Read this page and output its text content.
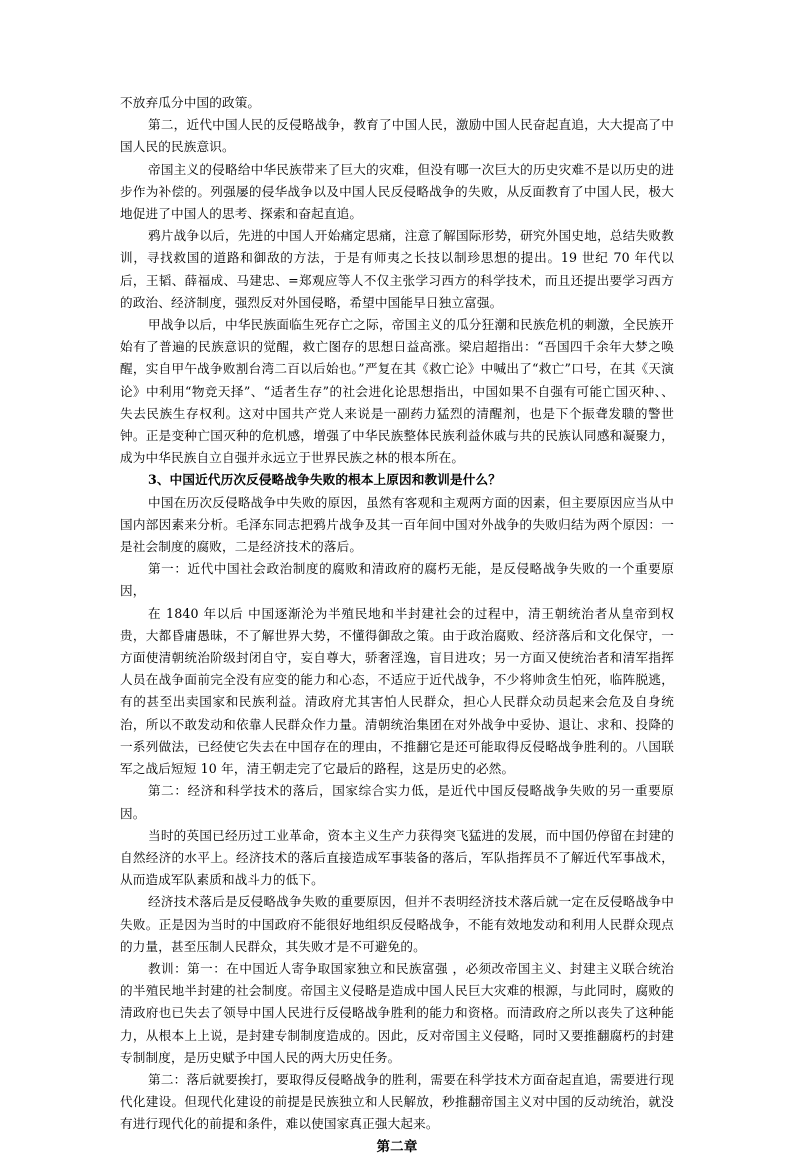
不放弃瓜分中国的政策。

第二，近代中国人民的反侵略战争，教育了中国人民，激励中国人民奋起直追，大大提高了中国人民的民族意识。

帝国主义的侵略给中华民族带来了巨大的灾难，但没有哪一次巨大的历史灾难不是以历史的进步作为补偿的。列强屡的侵华战争以及中国人民反侵略战争的失败，从反面教育了中国人民，极大地促进了中国人的思考、探索和奋起直追。

鸦片战争以后，先进的中国人开始痛定思痛，注意了解国际形势，研究外国史地，总结失败教训，寻找救国的道路和御敌的方法，于是有师夷之长技以制珍思想的提出。19 世纪 70 年代以后，王韬、薛福成、马建忠、=郑观应等人不仅主张学习西方的科学技术，而且还提出要学习西方的政治、经济制度，强烈反对外国侵略，希望中国能早日独立富强。

甲战争以后，中华民族面临生死存亡之际，帝国主义的瓜分狂潮和民族危机的刺激，全民族开始有了普遍的民族意识的觉醒，救亡图存的思想日益高涨。梁启超指出：“吾国四千余年大梦之唤醒，实自甲午战争败割台湾二百以后始也。”严复在其《救亡论》中喊出了“救亡”口号，在其《天演论》中利用“物竞天择”、“适者生存”的社会进化论思想指出，中国如果不自强有可能亡国灭种、、失去民族生存权利。这对中国共产党人来说是一副药力猛烈的清醒剂，也是下个振聋发聩的警世钟。正是变种亡国灭种的危机感，增强了中华民族整体民族利益休戚与共的民族认同感和凝聚力，成为中华民族自立自强并永远立于世界民族之林的根本所在。

3、中国近代历次反侵略战争失败的根本上原因和教训是什么？

中国在历次反侵略战争中失败的原因，虽然有客观和主观两方面的因素，但主要原因应当从中国内部因素来分析。毛泽东同志把鸦片战争及其一百年间中国对外战争的失败归结为两个原因：一是社会制度的腐败，二是经济技术的落后。

第一：近代中国社会政治制度的腐败和清政府的腐朽无能，是反侵略战争失败的一个重要原因，

在 1840 年以后 中国逐渐沦为半殖民地和半封建社会的过程中，清王朝统治者从皇帝到权贵，大都昏庸愚昧，不了解世界大势，不懂得御敌之策。由于政治腐败、经济落后和文化保守，一方面使清朝统治阶级封闭自守，妄自尊大，骄奢淫逸，盲目进攻；另一方面又使统治者和清军指挥人员在战争面前完全没有应变的能力和心态，不适应于近代战争，不少将帅贪生怕死，临阵脱逃，有的甚至出卖国家和民族利益。清政府尤其害怕人民群众，担心人民群众动员起来会危及自身统治，所以不敢发动和依靠人民群众作力量。清朝统治集团在对外战争中妥协、退让、求和、投降的一系列做法，已经使它失去在中国存在的理由，不推翻它是还可能取得反侵略战争胜利的。八国联军之战后短短 10 年，清王朝走完了它最后的路程，这是历史的必然。

第二：经济和科学技术的落后，国家综合实力低，是近代中国反侵略战争失败的另一重要原因。

当时的英国已经历过工业革命，资本主义生产力获得突飞猛进的发展，而中国仍停留在封建的自然经济的水平上。经济技术的落后直接造成军事装备的落后，军队指挥员不了解近代军事战术，从而造成军队素质和战斗力的低下。

经济技术落后是反侵略战争失败的重要原因，但并不表明经济技术落后就一定在反侵略战争中失败。正是因为当时的中国政府不能很好地组织反侵略战争，不能有效地发动和利用人民群众现点的力量，甚至压制人民群众，其失败才是不可避免的。

教训：第一：在中国近人寄争取国家独立和民族富强 ，必须改帝国主义、封建主义联合统治的半殖民地半封建的社会制度。帝国主义侵略是造成中国人民巨大灾难的根源，与此同时，腐败的清政府也已失去了领导中国人民进行反侵略战争胜利的能力和资格。而清政府之所以丧失了这种能力，从根本上上说，是封建专制制度造成的。因此，反对帝国主义侵略，同时又要推翻腐朽的封建专制制度，是历史赋予中国人民的两大历史任务。

第二：落后就要挨打，要取得反侵略战争的胜利，需要在科学技术方面奋起直追，需要进行现代化建设。但现代化建设的前提是民族独立和人民解放，秒推翻帝国主义对中国的反动统治，就没有进行现代化的前提和条件，难以使国家真正强大起来。

第二章
